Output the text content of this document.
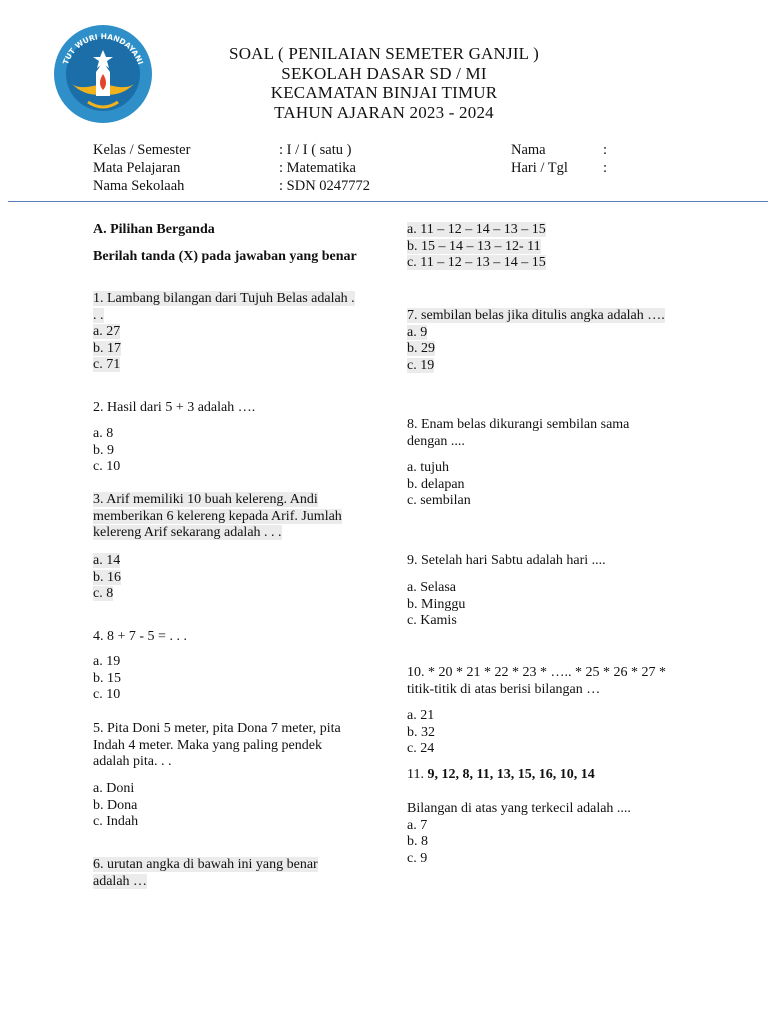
TUT WURI HANDAYANI	SOAL ( PENILAIAN SEMETER GANJIL )
SEKOLAH DASAR SD / MI
KECAMATAN BINJAI TIMUR
TAHUN AJARAN 2023 - 2024
Kelas / Semester
Mata Pelajaran
Nama Sekolaah
: I / I ( satu )
: Matematika
: SDN 0247772
Nama
Hari / Tgl
:
:
A. Pilihan Berganda
Berilah tanda (X) pada jawaban yang benar
1. Lambang bilangan dari Tujuh Belas adalah .
. .
a. 27
b. 17
c. 71
2. Hasil dari 5 + 3 adalah ….
a. 8
b. 9
c. 10
3. Arif memiliki 10 buah kelereng. Andi
memberikan 6 kelereng kepada Arif. Jumlah
kelereng Arif sekarang adalah . . .
a. 14
b. 16
c. 8
4. 8 + 7 - 5 = . . .
a. 19
b. 15
c. 10
5. Pita Doni 5 meter, pita Dona 7 meter, pita
Indah 4 meter. Maka yang paling pendek
adalah pita. . .
a. Doni
b. Dona
c. Indah
6. urutan angka di bawah ini yang benar
adalah …
a. 11 – 12 – 14 – 13 – 15
b. 15 – 14 – 13 – 12- 11
c. 11 – 12 – 13 – 14 – 15
7. sembilan belas jika ditulis angka adalah ….
a. 9
b. 29
c. 19
8. Enam belas dikurangi sembilan sama
dengan ....
a. tujuh
b. delapan
c. sembilan
9. Setelah hari Sabtu adalah hari ....
a. Selasa
b. Minggu
c. Kamis
10. * 20 * 21 * 22 * 23 * ….. * 25 * 26 * 27 *
titik-titik di atas berisi bilangan …
a. 21
b. 32
c. 24
11. 9, 12, 8, 11, 13, 15, 16, 10, 14
Bilangan di atas yang terkecil adalah ....
a. 7
b. 8
c. 9
